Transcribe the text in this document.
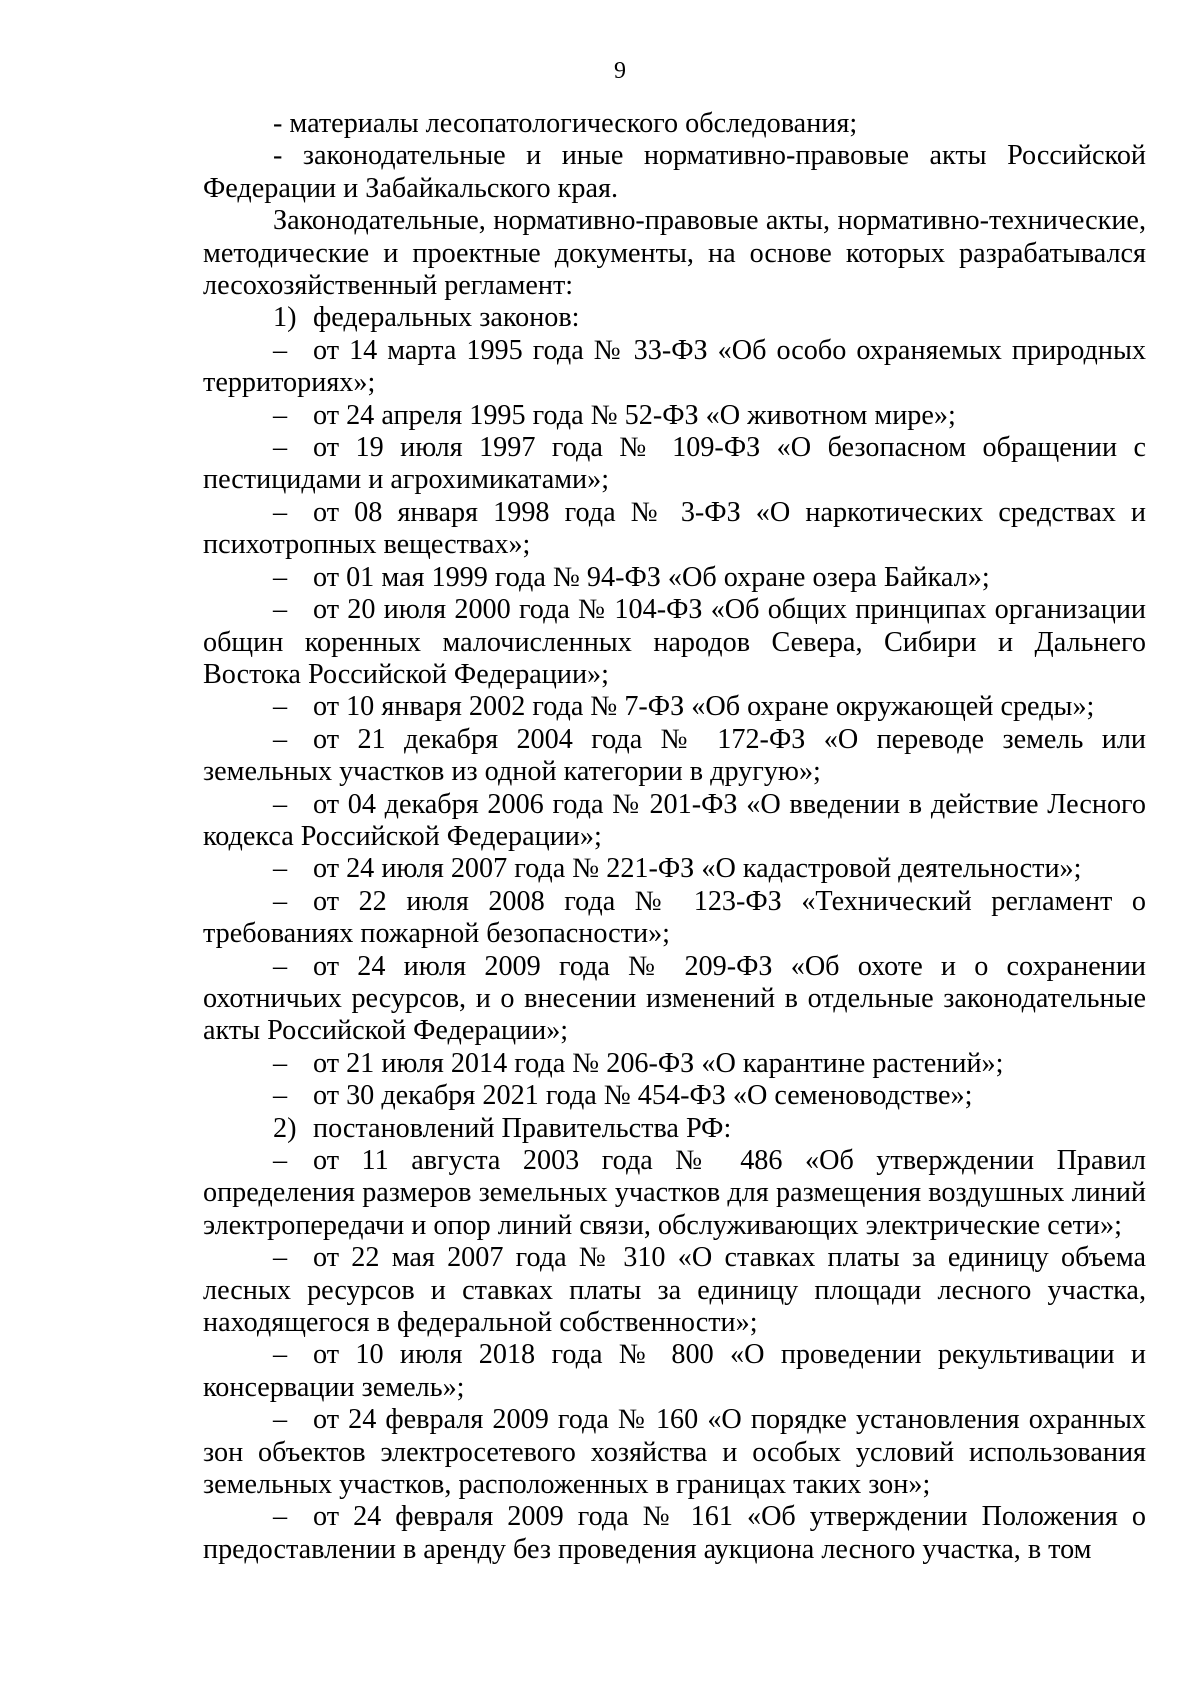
9

- материалы лесопатологического обследования;

- законодательные и иные нормативно-правовые акты Российской Федерации и Забайкальского края.

Законодательные, нормативно-правовые акты, нормативно-технические, методические и проектные документы, на основе которых разрабатывался лесохозяйственный регламент:

1) федеральных законов:

– от 14 марта 1995 года № 33-ФЗ «Об особо охраняемых природных территориях»;

– от 24 апреля 1995 года № 52-ФЗ «О животном мире»;

– от 19 июля 1997 года № 109-ФЗ «О безопасном обращении с пестицидами и агрохимикатами»;

– от 08 января 1998 года № 3-ФЗ «О наркотических средствах и психотропных веществах»;

– от 01 мая 1999 года № 94-ФЗ «Об охране озера Байкал»;

– от 20 июля 2000 года № 104-ФЗ «Об общих принципах организации общин коренных малочисленных народов Севера, Сибири и Дальнего Востока Российской Федерации»;

– от 10 января 2002 года № 7-ФЗ «Об охране окружающей среды»;

– от 21 декабря 2004 года № 172-ФЗ «О переводе земель или земельных участков из одной категории в другую»;

– от 04 декабря 2006 года № 201-ФЗ «О введении в действие Лесного кодекса Российской Федерации»;

– от 24 июля 2007 года № 221-ФЗ «О кадастровой деятельности»;

– от 22 июля 2008 года № 123-ФЗ «Технический регламент о требованиях пожарной безопасности»;

– от 24 июля 2009 года № 209-ФЗ «Об охоте и о сохранении охотничьих ресурсов, и о внесении изменений в отдельные законодательные акты Российской Федерации»;

– от 21 июля 2014 года № 206-ФЗ «О карантине растений»;

– от 30 декабря 2021 года № 454-ФЗ «О семеноводстве»;

2) постановлений Правительства РФ:

– от 11 августа 2003 года № 486 «Об утверждении Правил определения размеров земельных участков для размещения воздушных линий электропередачи и опор линий связи, обслуживающих электрические сети»;

– от 22 мая 2007 года № 310 «О ставках платы за единицу объема лесных ресурсов и ставках платы за единицу площади лесного участка, находящегося в федеральной собственности»;

– от 10 июля 2018 года № 800 «О проведении рекультивации и консервации земель»;

– от 24 февраля 2009 года № 160 «О порядке установления охранных зон объектов электросетевого хозяйства и особых условий использования земельных участков, расположенных в границах таких зон»;

– от 24 февраля 2009 года № 161 «Об утверждении Положения о предоставлении в аренду без проведения аукциона лесного участка, в том
